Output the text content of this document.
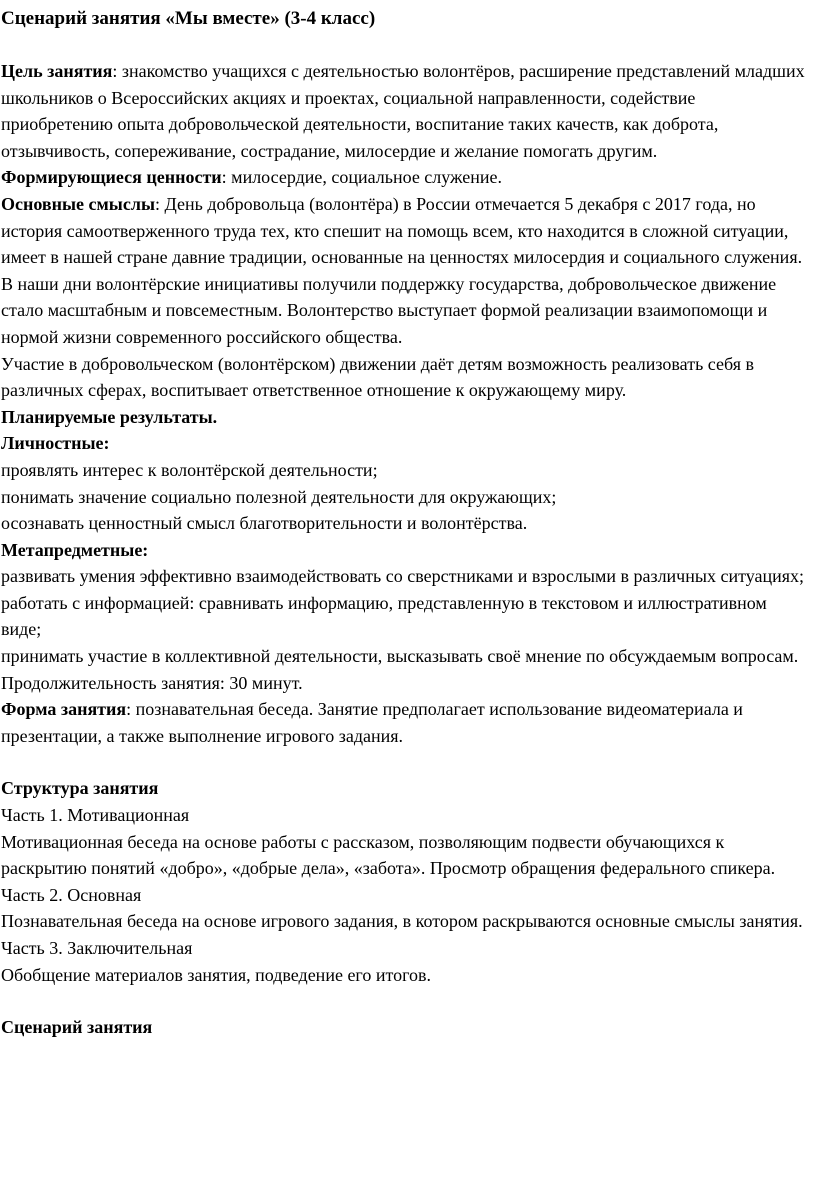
Сценарий занятия «Мы вместе» (3-4 класс)

Цель занятия: знакомство учащихся с деятельностью волонтёров, расширение представлений младших школьников о Всероссийских акциях и проектах, социальной направленности, содействие приобретению опыта добровольческой деятельности, воспитание таких качеств, как доброта, отзывчивость, сопереживание, сострадание, милосердие и желание помогать другим.

Формирующиеся ценности: милосердие, социальное служение.

Основные смыслы: День добровольца (волонтёра) в России отмечается 5 декабря с 2017 года, но история самоотверженного труда тех, кто спешит на помощь всем, кто находится в сложной ситуации, имеет в нашей стране давние традиции, основанные на ценностях милосердия и социального служения. В наши дни волонтёрские инициативы получили поддержку государства, добровольческое движение стало масштабным и повсеместным. Волонтерство выступает формой реализации взаимопомощи и нормой жизни современного российского общества.

Участие в добровольческом (волонтёрском) движении даёт детям возможность реализовать себя в различных сферах, воспитывает ответственное отношение к окружающему миру.

Планируемые результаты.

Личностные:

проявлять интерес к волонтёрской деятельности;

понимать значение социально полезной деятельности для окружающих;

осознавать ценностный смысл благотворительности и волонтёрства.

Метапредметные:

развивать умения эффективно взаимодействовать со сверстниками и взрослыми в различных ситуациях;

работать с информацией: сравнивать информацию, представленную в текстовом и иллюстративном виде;

принимать участие в коллективной деятельности, высказывать своё мнение по обсуждаемым вопросам.

Продолжительность занятия: 30 минут.

Форма занятия: познавательная беседа. Занятие предполагает использование видеоматериала и презентации, а также выполнение игрового задания.

Структура занятия

Часть 1. Мотивационная

Мотивационная беседа на основе работы с рассказом, позволяющим подвести обучающихся к раскрытию понятий «добро», «добрые дела», «забота». Просмотр обращения федерального спикера.

Часть 2. Основная

Познавательная беседа на основе игрового задания, в котором раскрываются основные смыслы занятия.

Часть 3. Заключительная

Обобщение материалов занятия, подведение его итогов.

Сценарий занятия
